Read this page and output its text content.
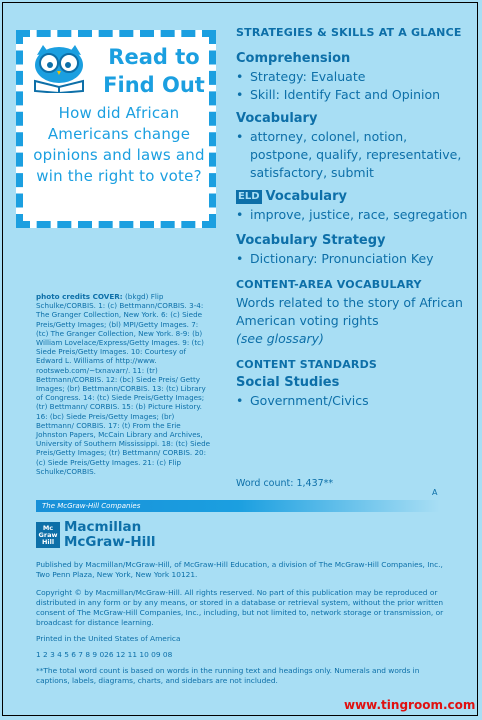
Read to
Find Out
How did African Americans change opinions and laws and win the right to vote?

STRATEGIES & SKILLS AT A GLANCE

Comprehension

• Strategy: Evaluate

• Skill: Identify Fact and Opinion

Vocabulary

• attorney, colonel, notion, postpone, qualify, representative, satisfactory, submit

ELD Vocabulary

• improve, justice, race, segregation

Vocabulary Strategy

• Dictionary: Pronunciation Key

CONTENT-AREA VOCABULARY

Words related to the story of African American voting rights

(see glossary)

CONTENT STANDARDS

Social Studies

• Government/Civics

Word count: 1,437**
photo credits COVER: (bkgd) Flip Schulke/CORBIS. 1: (c) Bettmann/CORBIS. 3-4: The Granger Collection, New York. 6: (c) Siede Preis/Getty Images; (bl) MPI/Getty Images. 7: (tc) The Granger Collection, New York. 8-9: (b) William Lovelace/Express/Getty Images. 9: (tc) Siede Preis/Getty Images. 10: Courtesy of Edward L. Williams of http://www. rootsweb.com/~txnavarr/. 11: (tr) Bettmann/CORBIS. 12: (bc) Siede Preis/ Getty Images; (br) Bettmann/CORBIS. 13: (tc) Library of Congress. 14: (tc) Siede Preis/Getty Images; (tr) Bettmann/ CORBIS. 15: (b) Picture History. 16: (bc) Siede Preis/Getty Images; (br) Bettmann/ CORBIS. 17: (t) From the Erie Johnston Papers, McCain Library and Archives, University of Southern Mississippi. 18: (tc) Siede Preis/Getty Images; (tr) Bettmann/ CORBIS. 20: (c) Siede Preis/Getty Images. 21: (c) Flip Schulke/CORBIS.
A
The McGraw-Hill Companies
Mc
Graw
Hill
Macmillan
McGraw-Hill
Published by Macmillan/McGraw-Hill, of McGraw-Hill Education, a division of The McGraw-Hill Companies, Inc., Two Penn Plaza, New York, New York 10121.
Copyright © by Macmillan/McGraw-Hill. All rights reserved. No part of this publication may be reproduced or distributed in any form or by any means, or stored in a database or retrieval system, without the prior written consent of The McGraw-Hill Companies, Inc., including, but not limited to, network storage or transmission, or broadcast for distance learning.
Printed in the United States of America
1 2 3 4 5 6 7 8 9 026 12 11 10 09 08
**The total word count is based on words in the running text and headings only. Numerals and words in captions, labels, diagrams, charts, and sidebars are not included.
www.tingroom.com
